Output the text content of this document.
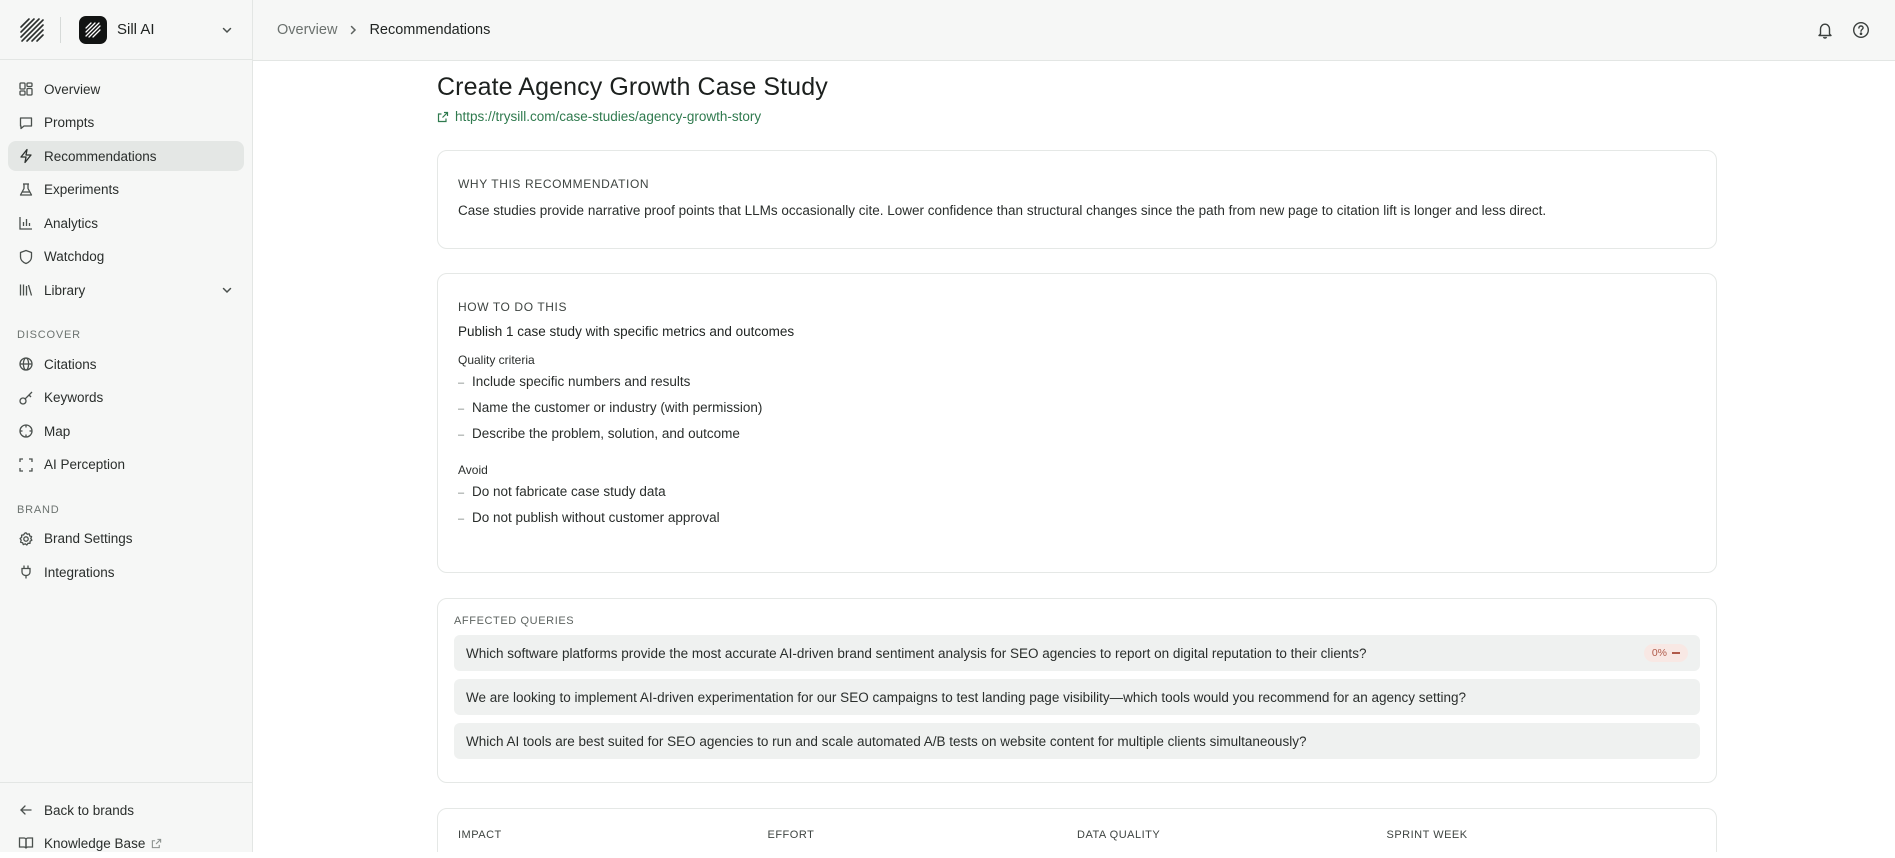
Sill AI
Overview
Prompts
Recommendations
Experiments
Analytics
Watchdog
Library
DISCOVER
Citations
Keywords
Map
AI Perception
BRAND
Brand Settings
Integrations
Back to brands
Knowledge Base
Overview Recommendations
Create Agency Growth Case Study
https://trysill.com/case-studies/agency-growth-story
WHY THIS RECOMMENDATION

Case studies provide narrative proof points that LLMs occasionally cite. Lower confidence than structural changes since the path from new page to citation lift is longer and less direct.

HOW TO DO THIS

Publish 1 case study with specific metrics and outcomes

Quality criteria
– Include specific numbers and results
– Name the customer or industry (with permission)
– Describe the problem, solution, and outcome
Avoid
– Do not fabricate case study data
– Do not publish without customer approval
AFFECTED QUERIES
Which software platforms provide the most accurate AI-driven brand sentiment analysis for SEO agencies to report on digital reputation to their clients?	0%
We are looking to implement AI-driven experimentation for our SEO campaigns to test landing page visibility—which tools would you recommend for an agency setting?
Which AI tools are best suited for SEO agencies to run and scale automated A/B tests on website content for multiple clients simultaneously?
IMPACT	EFFORT	DATA QUALITY	SPRINT WEEK
